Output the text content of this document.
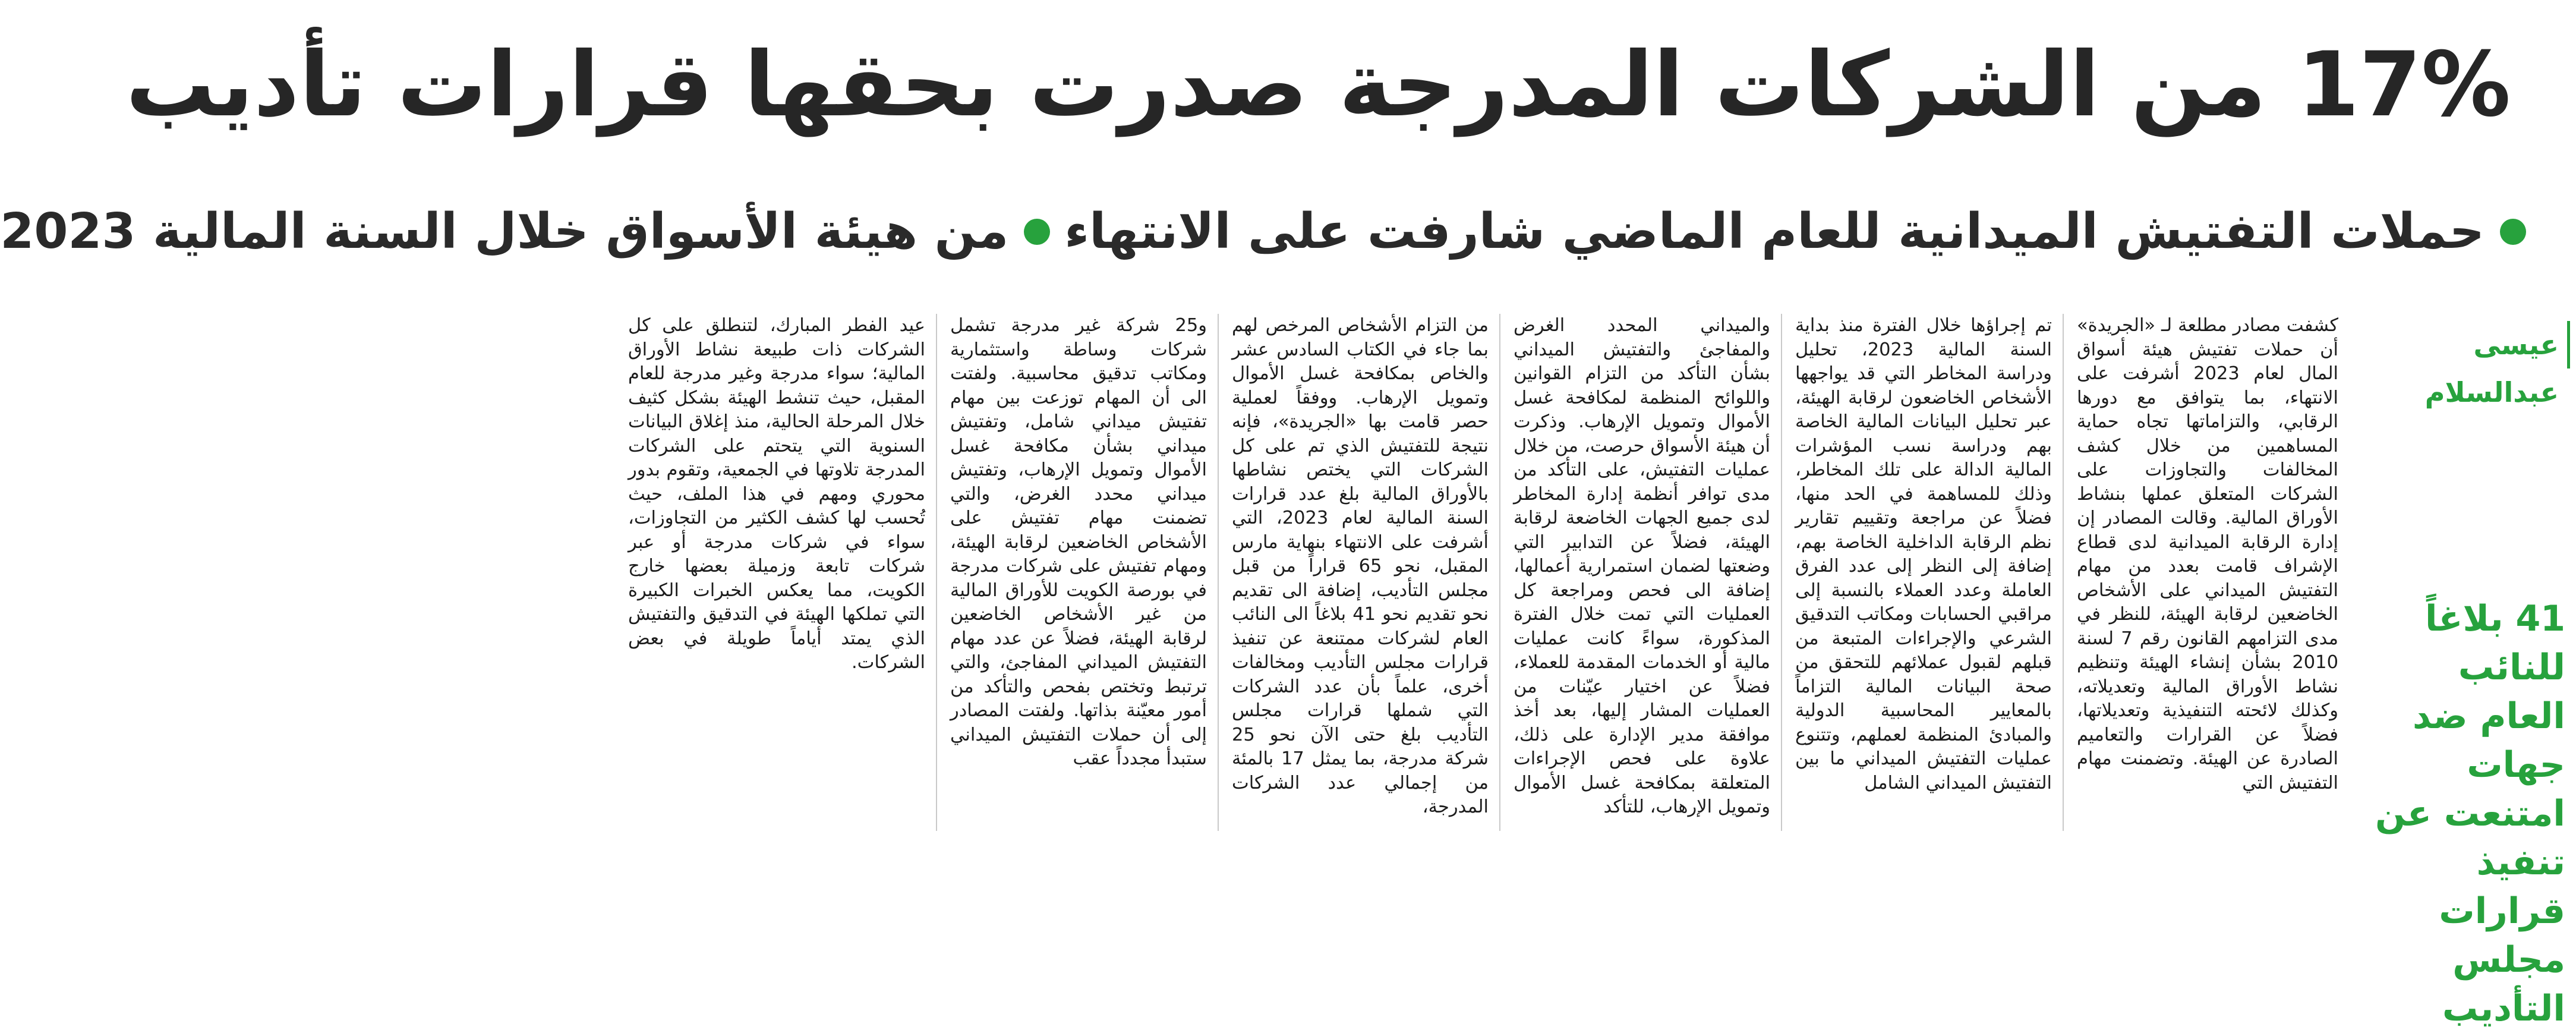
17% من الشركات المدرجة صدرت بحقها قرارات تأديب
حملات التفتيش الميدانية للعام الماضي شارفت على الانتهاء
من هيئة الأسواق خلال السنة المالية 2023
عيسى عبدالسلام
41 بلاغاً للنائب العام ضد جهات امتنعت عن تنفيذ قرارات مجلس التأديب

كشفت مصادر مطلعة لـ «الجريدة» أن حملات تفتيش هيئة أسواق المال لعام 2023 أشرفت على الانتهاء، بما يتوافق مع دورها الرقابي، والتزاماتها تجاه حماية المساهمين من خلال كشف المخالفات والتجاوزات على الشركات المتعلق عملها بنشاط الأوراق المالية. وقالت المصادر إن إدارة الرقابة الميدانية لدى قطاع الإشراف قامت بعدد من مهام التفتيش الميداني على الأشخاص الخاضعين لرقابة الهيئة، للنظر في مدى التزامهم القانون رقم 7 لسنة 2010 بشأن إنشاء الهيئة وتنظيم نشاط الأوراق المالية وتعديلاته، وكذلك لائحته التنفيذية وتعديلاتها، فضلاً عن القرارات والتعاميم الصادرة عن الهيئة. وتضمنت مهام التفتيش التي

تم إجراؤها خلال الفترة منذ بداية السنة المالية 2023، تحليل ودراسة المخاطر التي قد يواجهها الأشخاص الخاضعون لرقابة الهيئة، عبر تحليل البيانات المالية الخاصة بهم ودراسة نسب المؤشرات المالية الدالة على تلك المخاطر، وذلك للمساهمة في الحد منها، فضلاً عن مراجعة وتقييم تقارير نظم الرقابة الداخلية الخاصة بهم، إضافة إلى النظر إلى عدد الفرق العاملة وعدد العملاء بالنسبة إلى مراقبي الحسابات ومكاتب التدقيق الشرعي والإجراءات المتبعة من قبلهم لقبول عملائهم للتحقق من صحة البيانات المالية التزاماً بالمعايير المحاسبية الدولية والمبادئ المنظمة لعملهم، وتتنوع عمليات التفتيش الميداني ما بين التفتيش الميداني الشامل

والميداني المحدد الغرض والمفاجئ والتفتيش الميداني بشأن التأكد من التزام القوانين واللوائح المنظمة لمكافحة غسل الأموال وتمويل الإرهاب. وذكرت أن هيئة الأسواق حرصت، من خلال عمليات التفتيش، على التأكد من مدى توافر أنظمة إدارة المخاطر لدى جميع الجهات الخاضعة لرقابة الهيئة، فضلاً عن التدابير التي وضعتها لضمان استمرارية أعمالها، إضافة الى فحص ومراجعة كل العمليات التي تمت خلال الفترة المذكورة، سواءً كانت عمليات مالية أو الخدمات المقدمة للعملاء، فضلاً عن اختيار عيّنات من العمليات المشار إليها، بعد أخذ موافقة مدير الإدارة على ذلك، علاوة على فحص الإجراءات المتعلقة بمكافحة غسل الأموال وتمويل الإرهاب، للتأكد

من التزام الأشخاص المرخص لهم بما جاء في الكتاب السادس عشر والخاص بمكافحة غسل الأموال وتمويل الإرهاب. ووفقاً لعملية حصر قامت بها «الجريدة»، فإنه نتيجة للتفتيش الذي تم على كل الشركات التي يختص نشاطها بالأوراق المالية بلغ عدد قرارات السنة المالية لعام 2023، التي أشرفت على الانتهاء بنهاية مارس المقبل، نحو 65 قراراً من قبل مجلس التأديب، إضافة الى تقديم نحو تقديم نحو 41 بلاغاً الى النائب العام لشركات ممتنعة عن تنفيذ قرارات مجلس التأديب ومخالفات أخرى، علماً بأن عدد الشركات التي شملها قرارات مجلس التأديب بلغ حتى الآن نحو 25 شركة مدرجة، بما يمثل 17 بالمئة من إجمالي عدد الشركات المدرجة،

و25 شركة غير مدرجة تشمل شركات وساطة واستثمارية ومكاتب تدقيق محاسبية. ولفتت الى أن المهام توزعت بين مهام تفتيش ميداني شامل، وتفتيش ميداني بشأن مكافحة غسل الأموال وتمويل الإرهاب، وتفتيش ميداني محدد الغرض، والتي تضمنت مهام تفتيش على الأشخاص الخاضعين لرقابة الهيئة، ومهام تفتيش على شركات مدرجة في بورصة الكويت للأوراق المالية من غير الأشخاص الخاضعين لرقابة الهيئة، فضلاً عن عدد مهام التفتيش الميداني المفاجئ، والتي ترتبط وتختص بفحص والتأكد من أمور معيّنة بذاتها. ولفتت المصادر إلى أن حملات التفتيش الميداني ستبدأ مجدداً عقب

عيد الفطر المبارك، لتنطلق على كل الشركات ذات طبيعة نشاط الأوراق المالية؛ سواء مدرجة وغير مدرجة للعام المقبل، حيث تنشط الهيئة بشكل كثيف خلال المرحلة الحالية، منذ إغلاق البيانات السنوية التي يتحتم على الشركات المدرجة تلاوتها في الجمعية، وتقوم بدور محوري ومهم في هذا الملف، حيث تُحسب لها كشف الكثير من التجاوزات، سواء في شركات مدرجة أو عبر شركات تابعة وزميلة بعضها خارج الكويت، مما يعكس الخبرات الكبيرة التي تملكها الهيئة في التدقيق والتفتيش الذي يمتد أياماً طويلة في بعض الشركات.
